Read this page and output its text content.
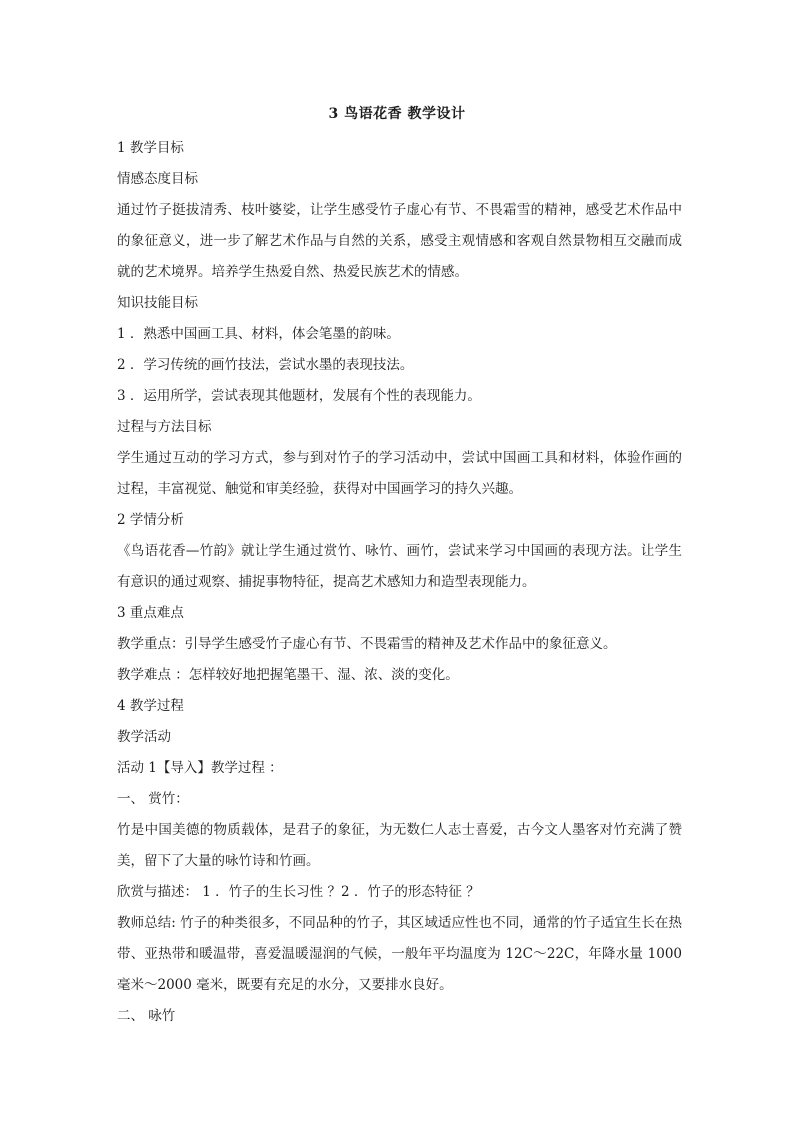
3 鸟语花香 教学设计

1 教学目标

情感态度目标

通过竹子挺拔清秀、枝叶婆娑，让学生感受竹子虚心有节、不畏霜雪的精神，感受艺术作品中的象征意义，进一步了解艺术作品与自然的关系，感受主观情感和客观自然景物相互交融而成就的艺术境界。培养学生热爱自然、热爱民族艺术的情感。

知识技能目标

1 ．熟悉中国画工具、材料，体会笔墨的韵味。

2 ．学习传统的画竹技法，尝试水墨的表现技法。

3 ．运用所学，尝试表现其他题材，发展有个性的表现能力。

过程与方法目标

学生通过互动的学习方式，参与到对竹子的学习活动中，尝试中国画工具和材料，体验作画的过程，丰富视觉、触觉和审美经验，获得对中国画学习的持久兴趣。

2 学情分析

《鸟语花香—竹韵》就让学生通过赏竹、咏竹、画竹，尝试来学习中国画的表现方法。让学生有意识的通过观察、捕捉事物特征，提高艺术感知力和造型表现能力。

3 重点难点

教学重点：引导学生感受竹子虚心有节、不畏霜雪的精神及艺术作品中的象征意义。

教学难点 ：怎样较好地把握笔墨干、湿、浓、淡的变化。

4 教学过程

教学活动

活动 1【导入】教学过程 ：

一、 赏竹：

竹是中国美德的物质载体，是君子的象征，为无数仁人志士喜爱，古今文人墨客对竹充满了赞美，留下了大量的咏竹诗和竹画。

欣赏与描述： 1 ．竹子的生长习性 ？2 ．竹子的形态特征 ？

教师总结: 竹子的种类很多，不同品种的竹子，其区域适应性也不同，通常的竹子适宜生长在热带、亚热带和暖温带，喜爱温暖湿润的气候，一般年平均温度为 12C～22C，年降水量 1000 毫米～2000 毫米，既要有充足的水分，又要排水良好。

二、 咏竹
